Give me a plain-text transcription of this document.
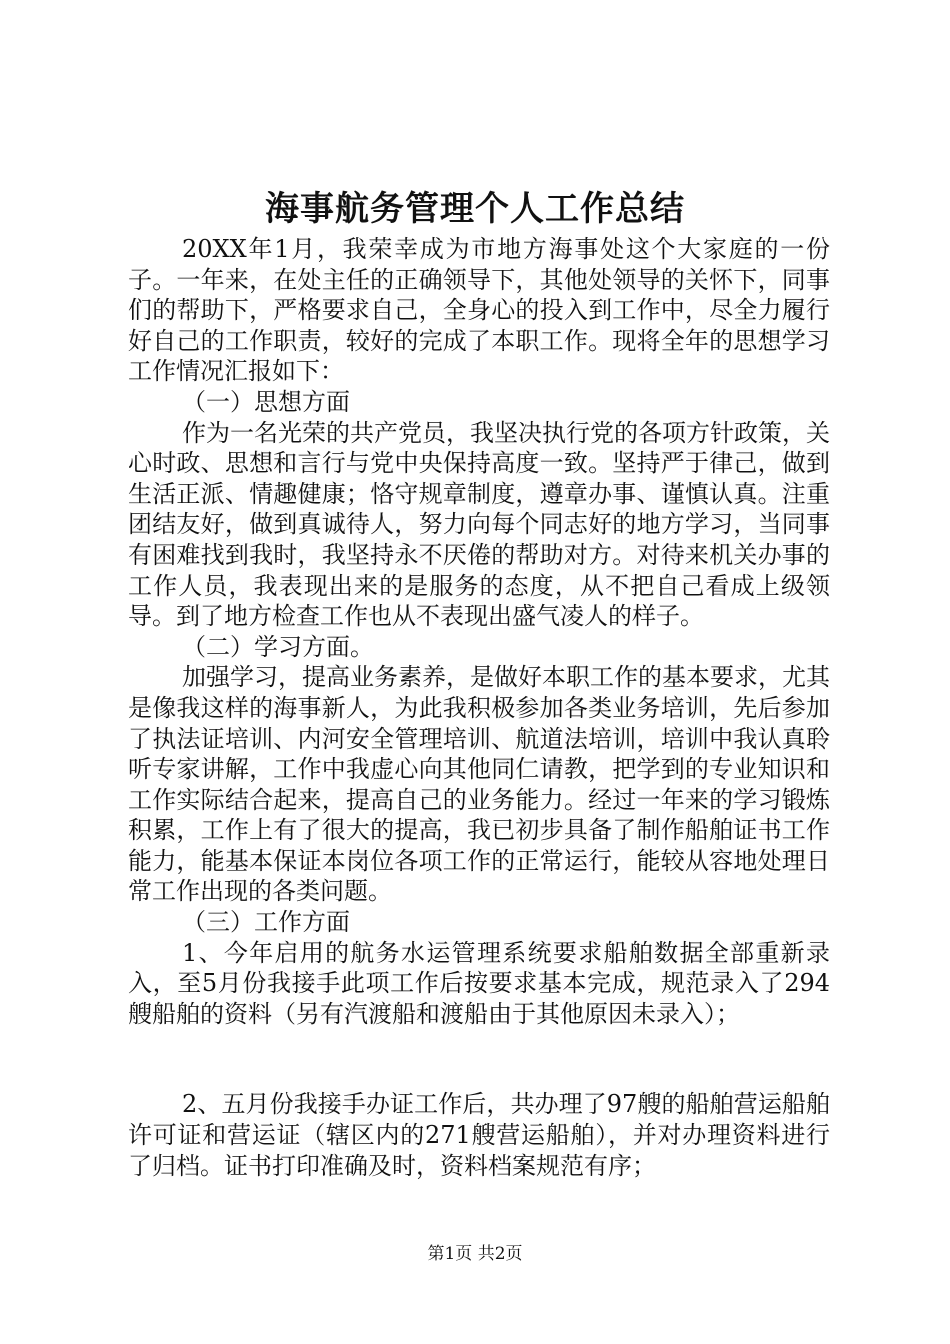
海事航务管理个人工作总结

20XX年1月，我荣幸成为市地方海事处这个大家庭的一份子。一年来，在处主任的正确领导下，其他处领导的关怀下，同事们的帮助下，严格要求自己，全身心的投入到工作中，尽全力履行好自己的工作职责，较好的完成了本职工作。现将全年的思想学习工作情况汇报如下：

（一）思想方面

作为一名光荣的共产党员，我坚决执行党的各项方针政策，关心时政、思想和言行与党中央保持高度一致。坚持严于律己，做到生活正派、情趣健康；恪守规章制度，遵章办事、谨慎认真。注重团结友好，做到真诚待人，努力向每个同志好的地方学习，当同事有困难找到我时，我坚持永不厌倦的帮助对方。对待来机关办事的工作人员，我表现出来的是服务的态度，从不把自己看成上级领导。到了地方检查工作也从不表现出盛气凌人的样子。

（二）学习方面。

加强学习，提高业务素养，是做好本职工作的基本要求，尤其是像我这样的海事新人，为此我积极参加各类业务培训，先后参加了执法证培训、内河安全管理培训、航道法培训，培训中我认真聆听专家讲解，工作中我虚心向其他同仁请教，把学到的专业知识和工作实际结合起来，提高自己的业务能力。经过一年来的学习锻炼积累，工作上有了很大的提高，我已初步具备了制作船舶证书工作能力，能基本保证本岗位各项工作的正常运行，能较从容地处理日常工作出现的各类问题。

（三）工作方面

1、今年启用的航务水运管理系统要求船舶数据全部重新录入，至5月份我接手此项工作后按要求基本完成，规范录入了294艘船舶的资料（另有汽渡船和渡船由于其他原因未录入）；

2、五月份我接手办证工作后，共办理了97艘的船舶营运船舶许可证和营运证（辖区内的271艘营运船舶），并对办理资料进行了归档。证书打印准确及时，资料档案规范有序；

第1页 共2页
